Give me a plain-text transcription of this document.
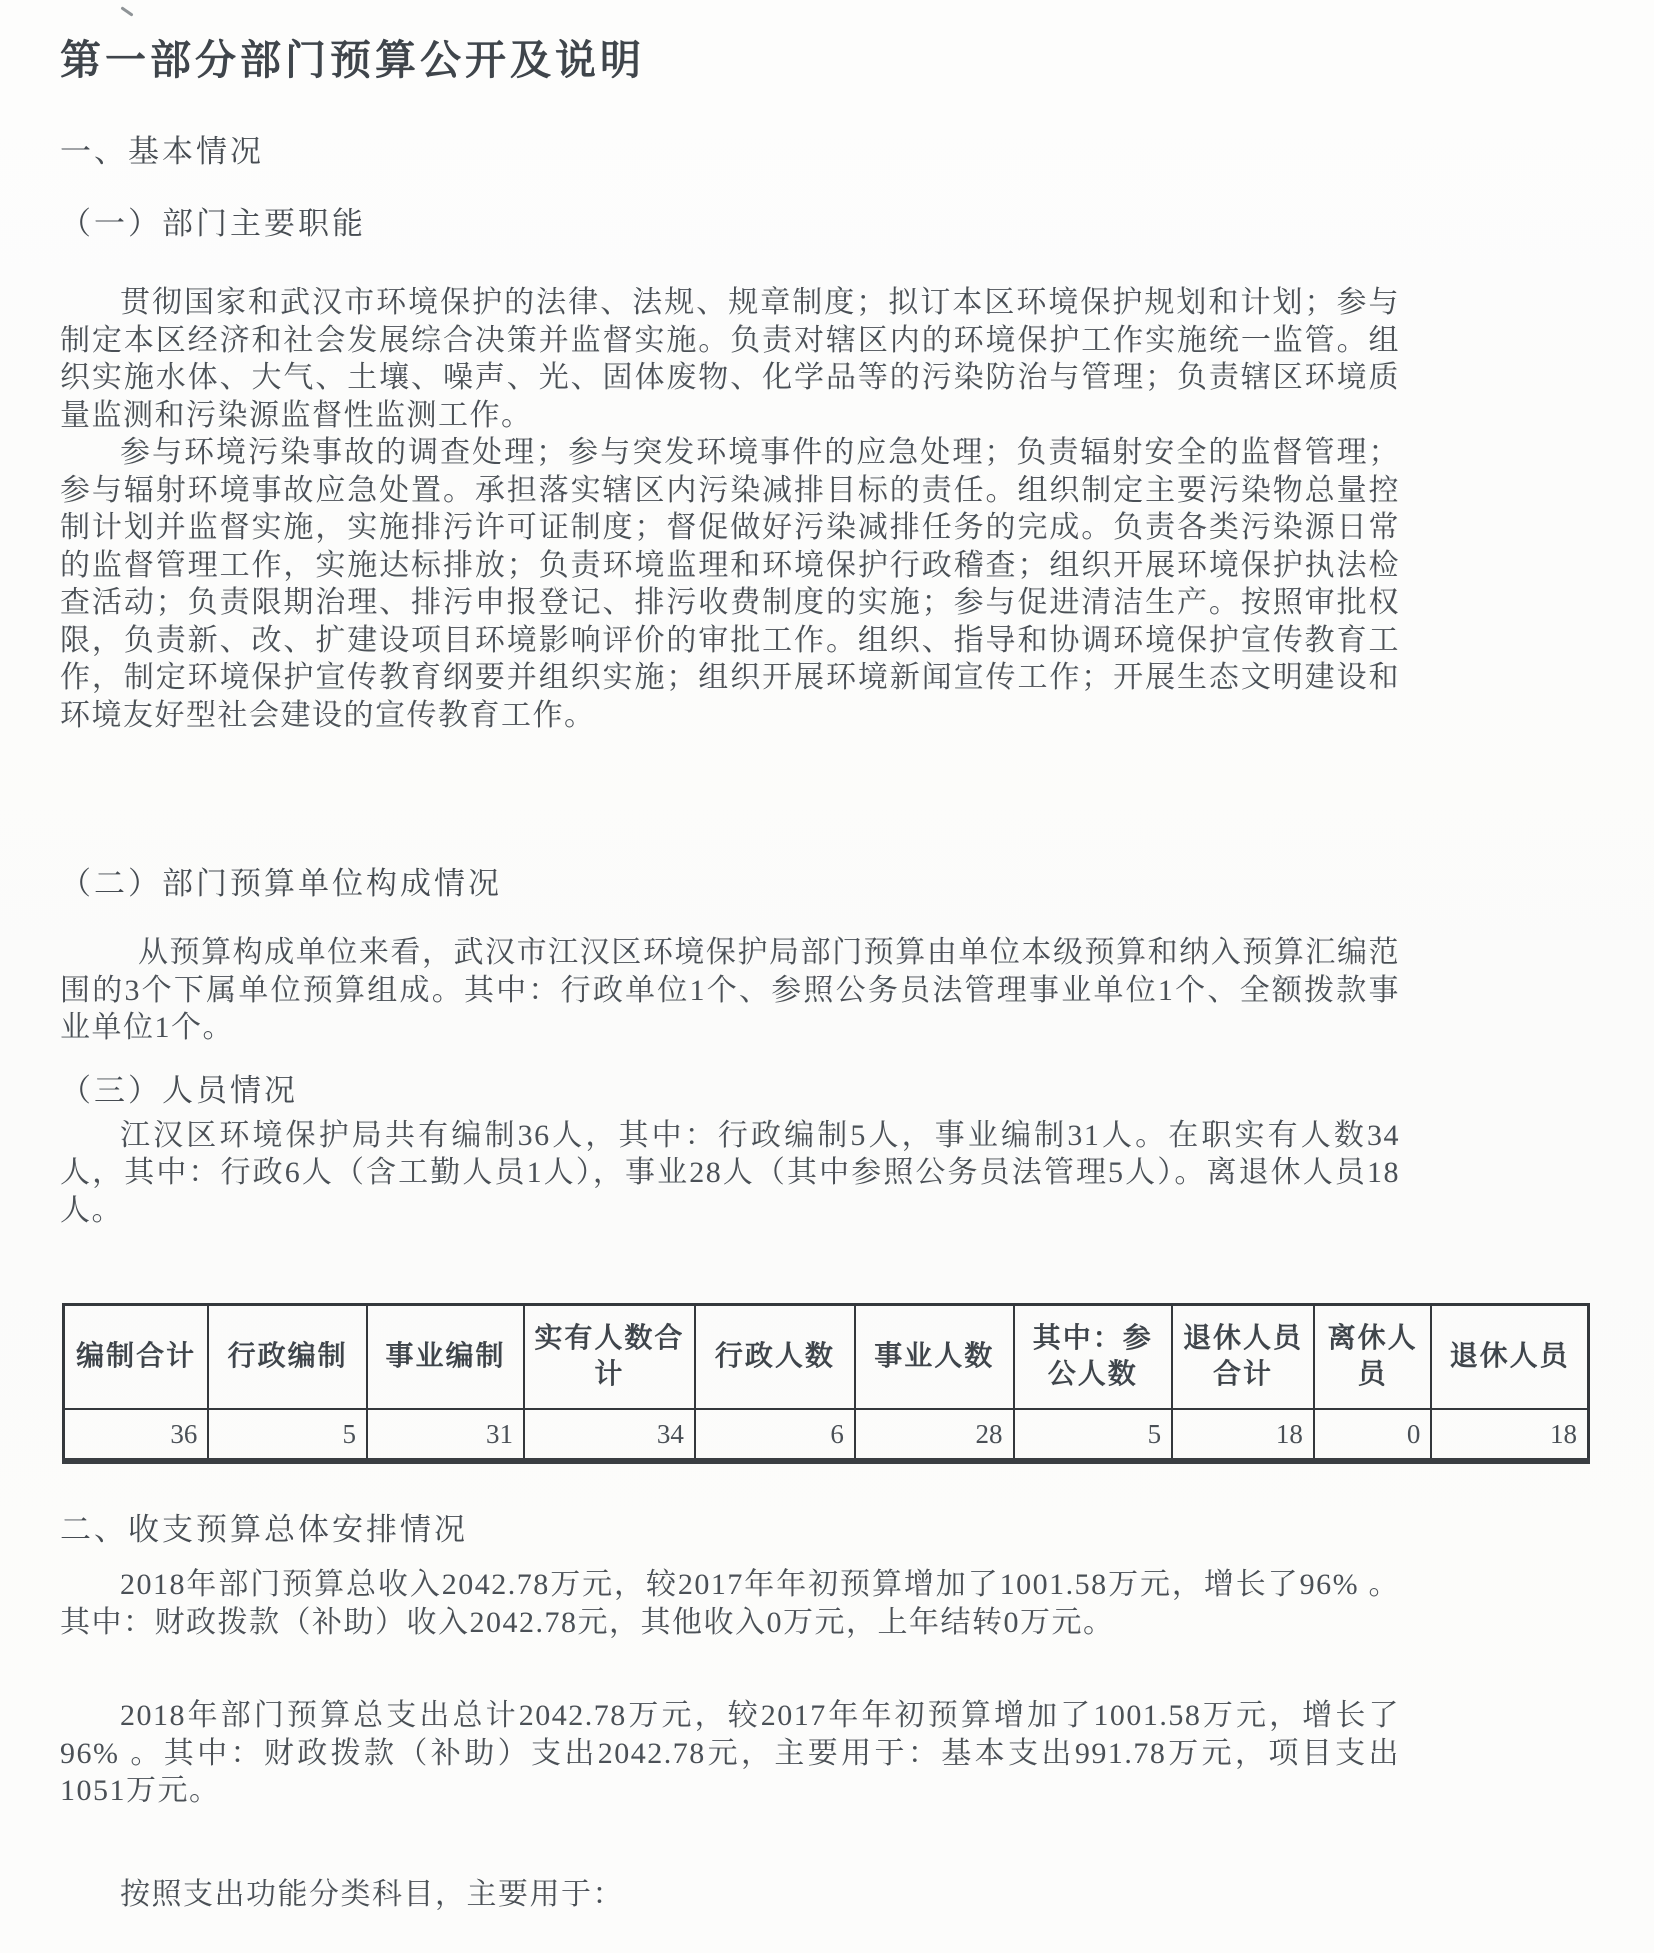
第一部分部门预算公开及说明
一、基本情况
（一）部门主要职能

贯彻国家和武汉市环境保护的法律、法规、规章制度；拟订本区环境保护规划和计划；参与制定本区经济和社会发展综合决策并监督实施。负责对辖区内的环境保护工作实施统一监管。组织实施水体、大气、土壤、噪声、光、固体废物、化学品等的污染防治与管理；负责辖区环境质量监测和污染源监督性监测工作。

参与环境污染事故的调查处理；参与突发环境事件的应急处理；负责辐射安全的监督管理；参与辐射环境事故应急处置。承担落实辖区内污染减排目标的责任。组织制定主要污染物总量控制计划并监督实施，实施排污许可证制度；督促做好污染减排任务的完成。负责各类污染源日常的监督管理工作，实施达标排放；负责环境监理和环境保护行政稽查；组织开展环境保护执法检查活动；负责限期治理、排污申报登记、排污收费制度的实施；参与促进清洁生产。按照审批权限，负责新、改、扩建设项目环境影响评价的审批工作。组织、指导和协调环境保护宣传教育工作，制定环境保护宣传教育纲要并组织实施；组织开展环境新闻宣传工作；开展生态文明建设和环境友好型社会建设的宣传教育工作。

（二）部门预算单位构成情况

从预算构成单位来看，武汉市江汉区环境保护局部门预算由单位本级预算和纳入预算汇编范围的3个下属单位预算组成。其中：行政单位1个、参照公务员法管理事业单位1个、全额拨款事业单位1个。

（三）人员情况

江汉区环境保护局共有编制36人，其中：行政编制5人，事业编制31人。在职实有人数34人，其中：行政6人（含工勤人员1人），事业28人（其中参照公务员法管理5人）。离退休人员18人。

编制合计	行政编制	事业编制	实有人数合计	行政人数	事业人数	其中：参公人数	退休人员合计	离休人员	退休人员
36	5	31	34	6	28	5	18	0	18
二、收支预算总体安排情况

2018年部门预算总收入2042.78万元，较2017年年初预算增加了1001.58万元，增长了96% 。其中：财政拨款（补助）收入2042.78元，其他收入0万元，上年结转0万元。

2018年部门预算总支出总计2042.78万元，较2017年年初预算增加了1001.58万元，增长了96% 。其中：财政拨款（补助）支出2042.78元，主要用于：基本支出991.78万元，项目支出1051万元。

按照支出功能分类科目，主要用于：
